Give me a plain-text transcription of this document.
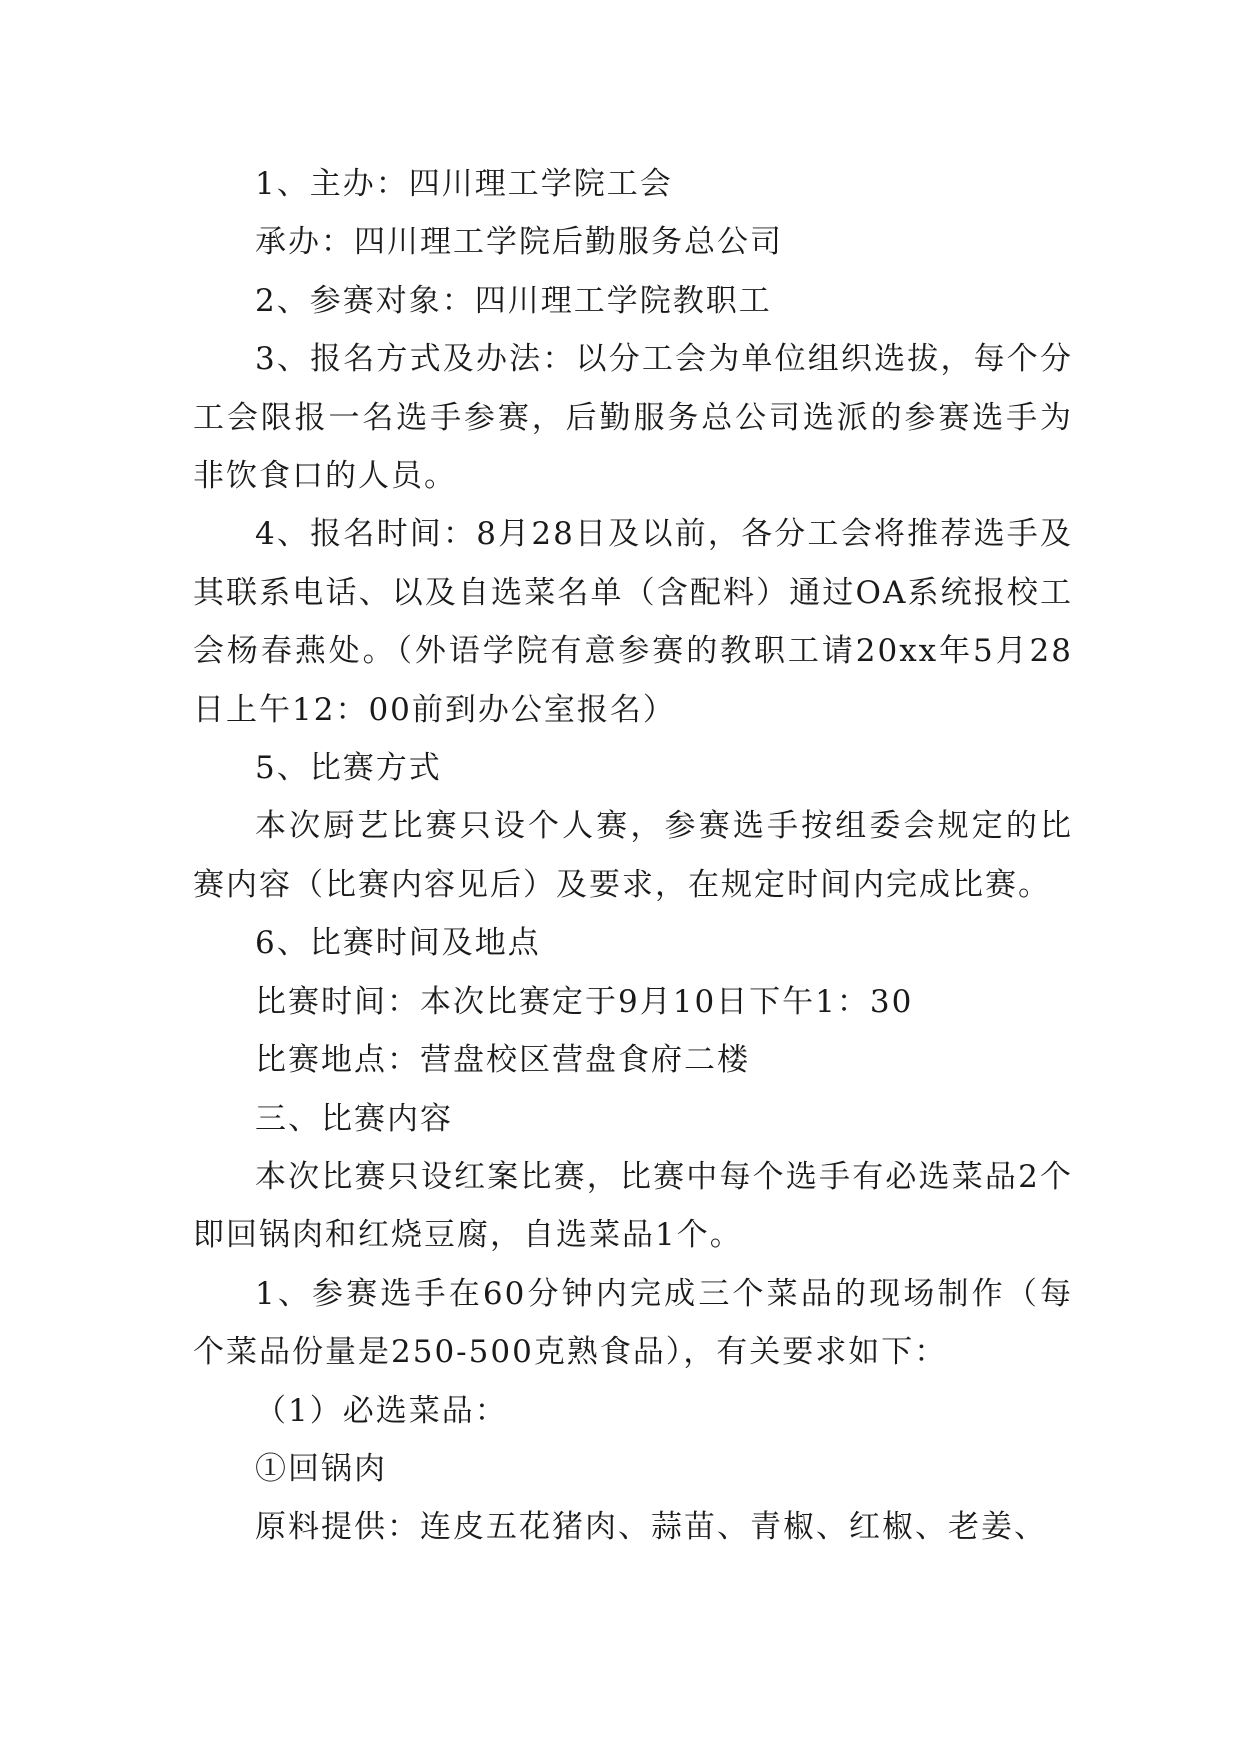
1、主办：四川理工学院工会

承办：四川理工学院后勤服务总公司

2、参赛对象：四川理工学院教职工

3、报名方式及办法：以分工会为单位组织选拔，每个分工会限报一名选手参赛，后勤服务总公司选派的参赛选手为非饮食口的人员。

4、报名时间：8月28日及以前，各分工会将推荐选手及其联系电话、以及自选菜名单（含配料）通过OA系统报校工会杨春燕处。（外语学院有意参赛的教职工请20xx年5月28日上午12：00前到办公室报名）

5、比赛方式

本次厨艺比赛只设个人赛，参赛选手按组委会规定的比赛内容（比赛内容见后）及要求，在规定时间内完成比赛。

6、比赛时间及地点

比赛时间：本次比赛定于9月10日下午1：30

比赛地点：营盘校区营盘食府二楼

三、比赛内容

本次比赛只设红案比赛，比赛中每个选手有必选菜品2个即回锅肉和红烧豆腐，自选菜品1个。

1、参赛选手在60分钟内完成三个菜品的现场制作（每个菜品份量是250-500克熟食品），有关要求如下：

（1）必选菜品：

①回锅肉

原料提供：连皮五花猪肉、蒜苗、青椒、红椒、老姜、
